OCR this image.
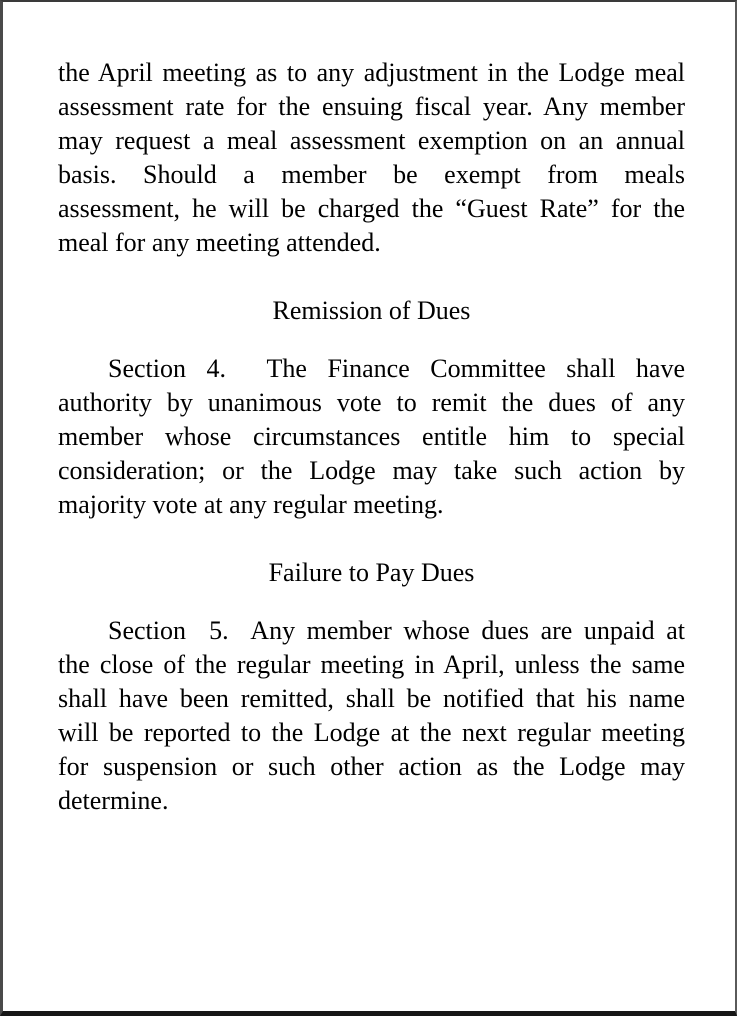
the April meeting as to any adjustment in the Lodge meal
assessment rate for the ensuing fiscal year. Any member
may request a meal assessment exemption on an annual
basis. Should a member be exempt from meals
assessment, he will be charged the “Guest Rate” for the
meal for any meeting attended.
Remission of Dues
Section 4.  The Finance Committee shall have
authority by unanimous vote to remit the dues of any
member whose circumstances entitle him to special
consideration; or the Lodge may take such action by
majority vote at any regular meeting.
Failure to Pay Dues
Section  5.  Any member whose dues are unpaid at
the close of the regular meeting in April, unless the same
shall have been remitted, shall be notified that his name
will be reported to the Lodge at the next regular meeting
for suspension or such other action as the Lodge may
determine.
